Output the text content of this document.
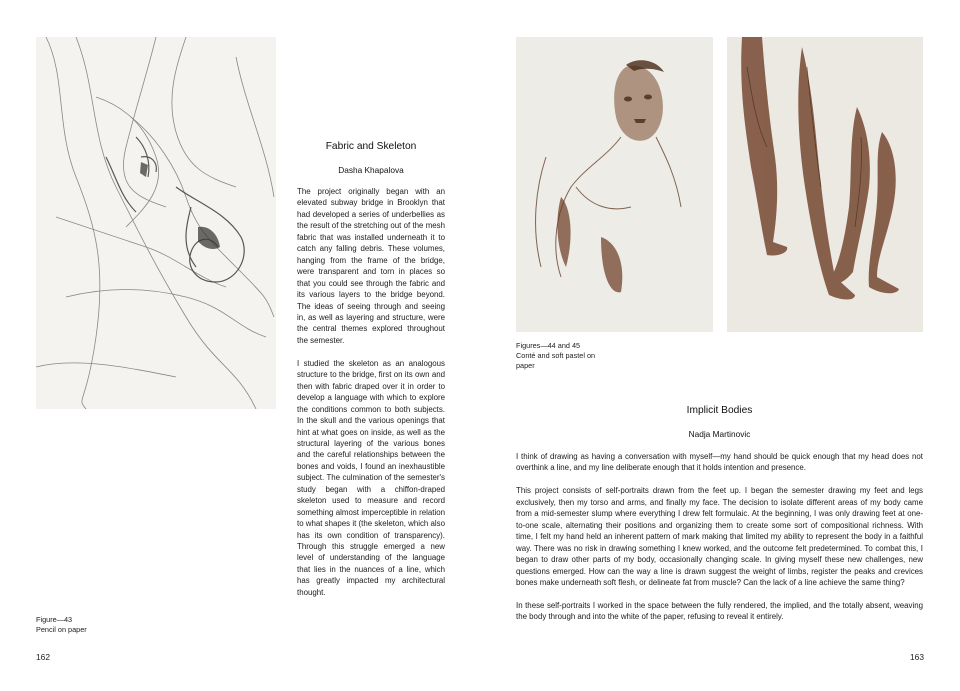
Figure—43
Pencil on paper
Fabric and Skeleton
Dasha Khapalova

The project originally began with an elevated subway bridge in Brooklyn that had developed a series of underbellies as the result of the stretching out of the mesh fabric that was installed underneath it to catch any falling debris. These volumes, hanging from the frame of the bridge, were transparent and torn in places so that you could see through the fabric and its various layers to the bridge beyond. The ideas of seeing through and seeing in, as well as layering and structure, were the central themes explored throughout the semester.

I studied the skeleton as an analogous structure to the bridge, first on its own and then with fabric draped over it in order to develop a language with which to explore the conditions common to both subjects. In the skull and the various openings that hint at what goes on inside, as well as the structural layering of the various bones and the careful relationships between the bones and voids, I found an inexhaustible subject. The culmination of the semester's study began with a chiffon-draped skeleton used to measure and record something almost imperceptible in relation to what shapes it (the skeleton, which also has its own condition of transparency). Through this struggle emerged a new level of understanding of the language that lies in the nuances of a line, which has greatly impacted my architectural thought.

162
Figures—44 and 45
Conté and soft pastel on paper
Implicit Bodies
Nadja Martinovic

I think of drawing as having a conversation with myself—my hand should be quick enough that my head does not overthink a line, and my line deliberate enough that it holds intention and presence.

This project consists of self-portraits drawn from the feet up. I began the semester drawing my feet and legs exclusively, then my torso and arms, and finally my face. The decision to isolate different areas of my body came from a mid-semester slump where everything I drew felt formulaic. At the beginning, I was only drawing feet at one-to-one scale, alternating their positions and organizing them to create some sort of compositional richness. With time, I felt my hand held an inherent pattern of mark making that limited my ability to represent the body in a faithful way. There was no risk in drawing something I knew worked, and the outcome felt predetermined. To combat this, I began to draw other parts of my body, occasionally changing scale. In giving myself these new challenges, new questions emerged. How can the way a line is drawn suggest the weight of limbs, register the peaks and crevices bones make underneath soft flesh, or delineate fat from muscle? Can the lack of a line achieve the same thing?

In these self-portraits I worked in the space between the fully rendered, the implied, and the totally absent, weaving the body through and into the white of the paper, refusing to reveal it entirely.

163
